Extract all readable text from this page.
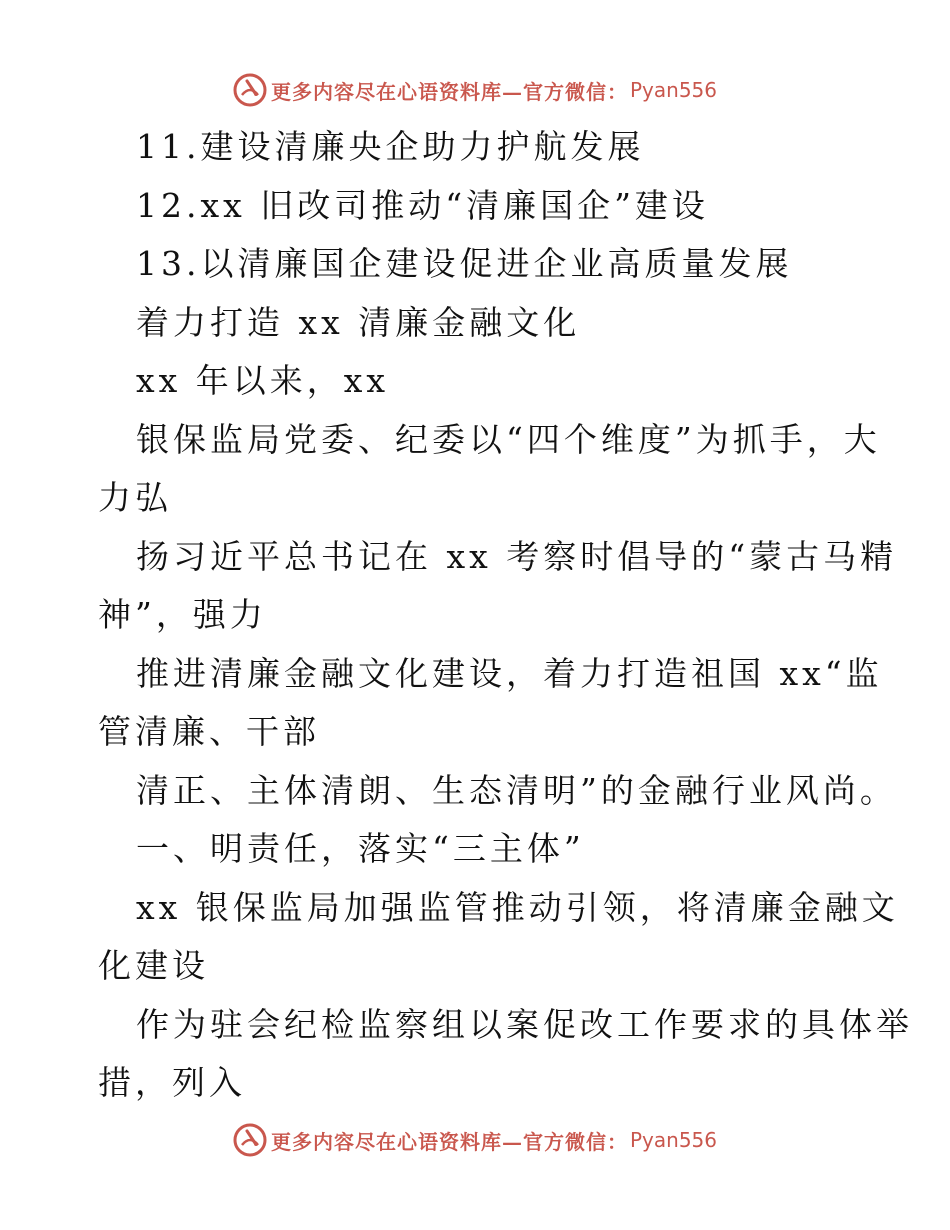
更多内容尽在心语资料库—官方微信： Pyan556
11.建设清廉央企助力护航发展
12.xx 旧改司推动“清廉国企”建设
13.以清廉国企建设促进企业高质量发展
着力打造 xx 清廉金融文化
xx 年以来，xx
银保监局党委、纪委以“四个维度”为抓手，大
力弘
扬习近平总书记在 xx 考察时倡导的“蒙古马精
神”，强力
推进清廉金融文化建设，着力打造祖国 xx“监
管清廉、干部
清正、主体清朗、生态清明”的金融行业风尚。
一、明责任，落实“三主体”
xx 银保监局加强监管推动引领，将清廉金融文
化建设
作为驻会纪检监察组以案促改工作要求的具体举
措，列入
更多内容尽在心语资料库—官方微信： Pyan556
